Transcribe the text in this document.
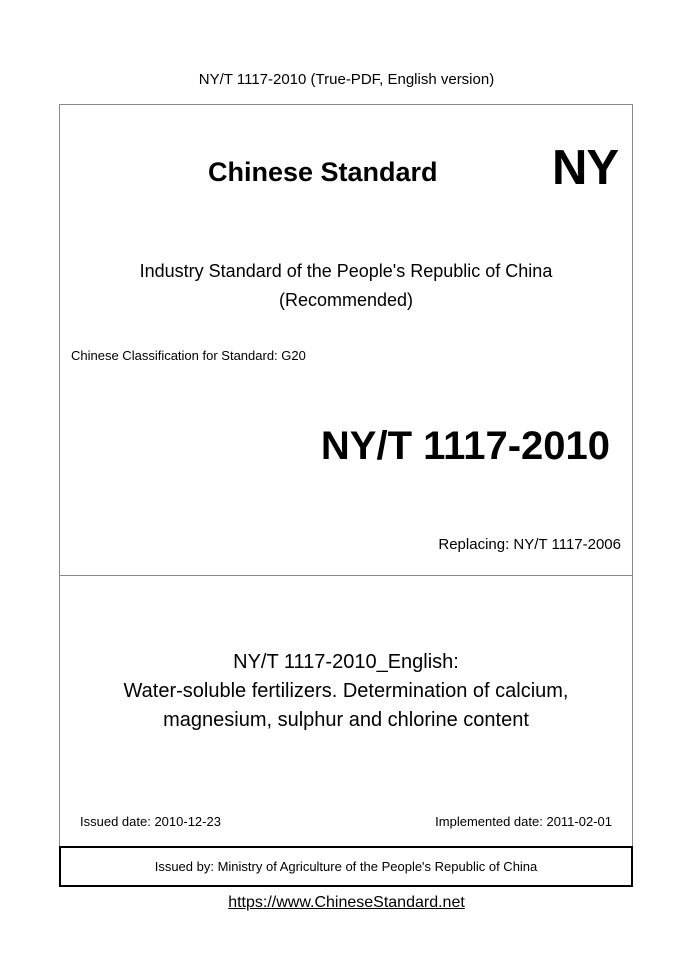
NY/T 1117-2010 (True-PDF, English version)
Chinese Standard NY
Industry Standard of the People's Republic of China
(Recommended)
Chinese Classification for Standard: G20
NY/T 1117-2010
Replacing: NY/T 1117-2006
NY/T 1117-2010_English:
Water-soluble fertilizers. Determination of calcium,
magnesium, sulphur and chlorine content
Issued date: 2010-12-23	Implemented date: 2011-02-01
Issued by: Ministry of Agriculture of the People's Republic of China
https://www.ChineseStandard.net
